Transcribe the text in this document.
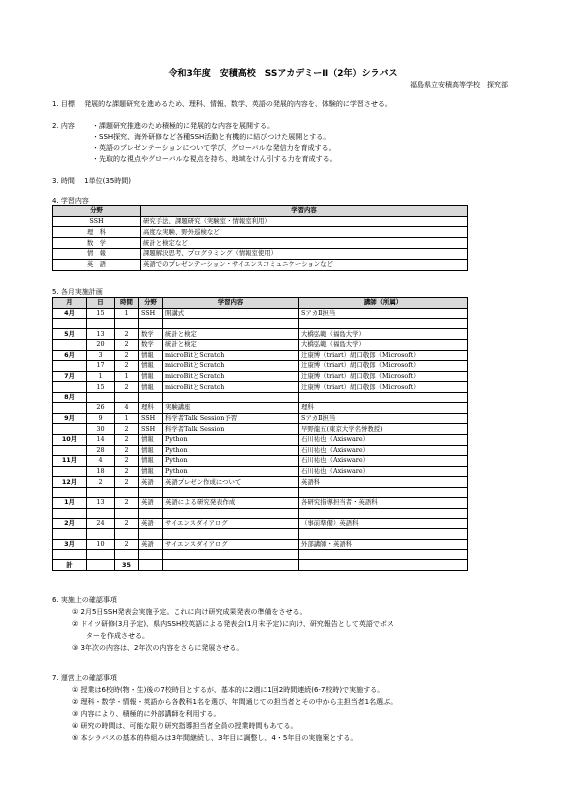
令和3年度　安積高校　SSアカデミーⅡ（2年）シラバス
福島県立安積高等学校　探究部
1. 目標　 発展的な課題研究を進めるため、理科、情報、数学、英語の発展的内容を、体験的に学習させる。
2. 内容 ・課題研究推進のため積極的に発展的な内容を展開する。
・SSH探究、海外研修など各種SSH活動と有機的に結びつけた展開とする。
・英語のプレゼンテーションについて学び、グローバルな発信力を育成する。
・先取的な視点やグローバルな視点を持ち、地域をけん引する力を育成する。
3. 時間　 1単位(35時間)
4. 学習内容
分野	学習内容
SSH	研究手法、課題研究（実験室・情報室利用）
理　科	高度な実験、野外巡検など
数　学	統計と検定など
情　報	課題解決思考、プログラミング（情報室使用）
英　語	英語でのプレゼンテーション・サイエンスコミュニケーションなど
5. 各月実施計画
月	日	時間	分野	学習内容	講師（所属）
4月	15	1	SSH	開講式	SアカⅡ担当

5月	13	2	数学	統計と検定	大橋弘範（福島大学）
	20	2	数学	統計と検定	大橋弘範（福島大学）
6月	3	2	情報	microBitとScratch	辻康博（triart）胡口敬郎（Microsoft）
	17	2	情報	microBitとScratch	辻康博（triart）胡口敬郎（Microsoft）
7月	1	1	情報	microBitとScratch	辻康博（triart）胡口敬郎（Microsoft）
	15	2	情報	microBitとScratch	辻康博（triart）胡口敬郎（Microsoft）
8月					
	26	4	理科	実験講座	理科
9月	9	1	SSH	科学者Talk Session予習	SアカⅡ担当
	30	2	SSH	科学者Talk Session	早野龍五(東京大学名誉教授)
10月	14	2	情報	Python	石川祐也（Axisware）
	28	2	情報	Python	石川祐也（Axisware）
11月	4	2	情報	Python	石川祐也（Axisware）
	18	2	情報	Python	石川祐也（Axisware）
12月	2	2	英語	英語プレゼン作成について	英語科

1月	13	2	英語	英語による研究発表作成	各研究指導担当者・英語科

2月	24	2	英語	サイエンスダイアログ	（事前準備）英語科

3月	10	2	英語	サイエンスダイアログ	外部講師・英語科

計		35			
6. 実施上の確認事項
① 2月5日SSH発表会実施予定。これに向け研究成果発表の準備をさせる。
② ドイツ研修(3月予定)、県内SSH校英語による発表会(1月末予定)に向け、研究報告として英語でポス
ターを作成させる。
③ 3年次の内容は、2年次の内容をさらに発展させる。
7. 運営上の確認事項
① 授業は6校時(物・生)後の7校時目とするが、基本的に2週に1回2時間連続(6-7校時)で実施する。
② 理科・数学・情報・英語から各教科1名を選び、年間通じての担当者とその中から主担当者1名選ぶ。
③ 内容により、積極的に外部講師を利用する。
④ 研究の時間は、可能な限り研究指導担当者全員の授業時間もあてる。
⑤ 本シラバスの基本的枠組みは3年間継続し、3年目に調整し、4・5年目の実施案とする。
